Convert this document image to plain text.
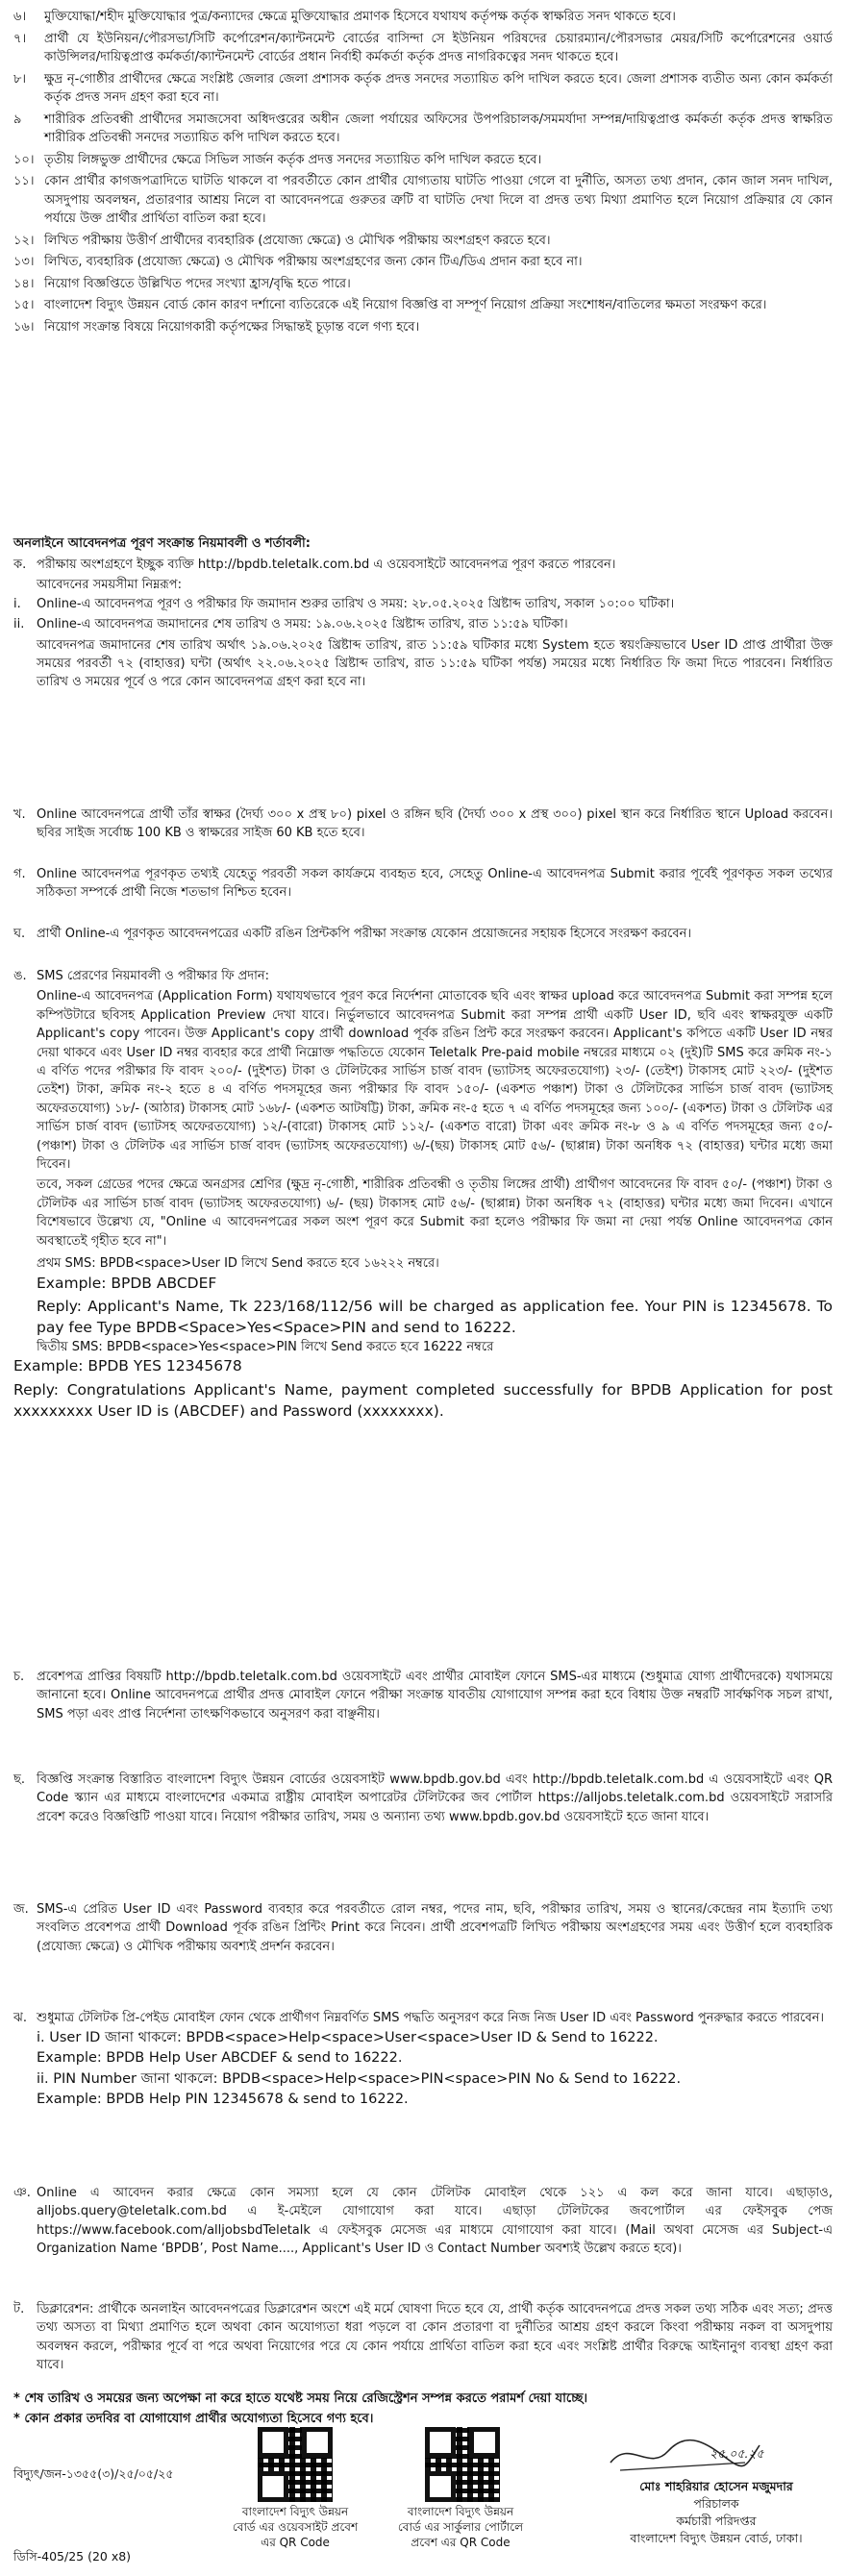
৬।	মুক্তিযোদ্ধা/শহীদ মুক্তিযোদ্ধার পুত্র/কন্যাদের ক্ষেত্রে মুক্তিযোদ্ধার প্রমাণক হিসেবে যথাযথ কর্তৃপক্ষ কর্তৃক স্বাক্ষরিত সনদ থাকতে হবে।
৭।	প্রার্থী যে ইউনিয়ন/পৌরসভা/সিটি কর্পোরেশন/ক্যান্টনমেন্ট বোর্ডের বাসিন্দা সে ইউনিয়ন পরিষদের চেয়ারম্যান/পৌরসভার মেয়র/সিটি কর্পোরেশনের ওয়ার্ড কাউন্সিলর/দায়িত্বপ্রাপ্ত কর্মকর্তা/ক্যান্টনমেন্ট বোর্ডের প্রধান নির্বাহী কর্মকর্তা কর্তৃক প্রদত্ত নাগরিকত্বের সনদ থাকতে হবে।
৮।	ক্ষুদ্র নৃ-গোষ্ঠীর প্রার্থীদের ক্ষেত্রে সংশ্লিষ্ট জেলার জেলা প্রশাসক কর্তৃক প্রদত্ত সনদের সত্যায়িত কপি দাখিল করতে হবে। জেলা প্রশাসক ব্যতীত অন্য কোন কর্মকর্তা কর্তৃক প্রদত্ত সনদ গ্রহণ করা হবে না।
৯	শারীরিক প্রতিবন্ধী প্রার্থীদের সমাজসেবা অধিদপ্তরের অধীন জেলা পর্যায়ের অফিসের উপপরিচালক/সমমর্যাদা সম্পন্ন/দায়িত্বপ্রাপ্ত কর্মকর্তা কর্তৃক প্রদত্ত স্বাক্ষরিত শারীরিক প্রতিবন্ধী সনদের সত্যায়িত কপি দাখিল করতে হবে।
১০। তৃতীয় লিঙ্গভুক্ত প্রার্থীদের ক্ষেত্রে সিভিল সার্জন কর্তৃক প্রদত্ত সনদের সত্যায়িত কপি দাখিল করতে হবে।
১১। কোন প্রার্থীর কাগজপত্রাদিতে ঘাটতি থাকলে বা পরবর্তীতে কোন প্রার্থীর যোগ্যতায় ঘাটতি পাওয়া গেলে বা দুর্নীতি, অসত্য তথ্য প্রদান, কোন জাল সনদ দাখিল, অসদুপায় অবলম্বন, প্রতারণার আশ্রয় নিলে বা আবেদনপত্রে গুরুতর ত্রুটি বা ঘাটতি দেখা দিলে বা প্রদত্ত তথ্য মিথ্যা প্রমাণিত হলে নিয়োগ প্রক্রিয়ার যে কোন পর্যায়ে উক্ত প্রার্থীর প্রার্থিতা বাতিল করা হবে।
১২। লিখিত পরীক্ষায় উত্তীর্ণ প্রার্থীদের ব্যবহারিক (প্রযোজ্য ক্ষেত্রে) ও মৌখিক পরীক্ষায় অংশগ্রহণ করতে হবে।
১৩। লিখিত, ব্যবহারিক (প্রযোজ্য ক্ষেত্রে) ও মৌখিক পরীক্ষায় অংশগ্রহণের জন্য কোন টিএ/ডিএ প্রদান করা হবে না।
১৪। নিয়োগ বিজ্ঞপ্তিতে উল্লিখিত পদের সংখ্যা হ্রাস/বৃদ্ধি হতে পারে।
১৫। বাংলাদেশ বিদ্যুৎ উন্নয়ন বোর্ড কোন কারণ দর্শানো ব্যতিরেকে এই নিয়োগ বিজ্ঞপ্তি বা সম্পূর্ণ নিয়োগ প্রক্রিয়া সংশোধন/বাতিলের ক্ষমতা সংরক্ষণ করে।
১৬। নিয়োগ সংক্রান্ত বিষয়ে নিয়োগকারী কর্তৃপক্ষের সিদ্ধান্তই চূড়ান্ত বলে গণ্য হবে।
অনলাইনে আবেদনপত্র পূরণ সংক্রান্ত নিয়মাবলী ও শর্তাবলী:
ক. পরীক্ষায় অংশগ্রহণে ইচ্ছুক ব্যক্তি http://bpdb.teletalk.com.bd এ ওয়েবসাইটে আবেদনপত্র পূরণ করতে পারবেন।
আবেদনের সময়সীমা নিম্নরূপ:
i.	Online-এ আবেদনপত্র পূরণ ও পরীক্ষার ফি জমাদান শুরুর তারিখ ও সময়: ২৮.০৫.২০২৫ খ্রিষ্টাব্দ তারিখ, সকাল ১০:০০ ঘটিকা।
ii. Online-এ আবেদনপত্র জমাদানের শেষ তারিখ ও সময়: ১৯.০৬.২০২৫ খ্রিষ্টাব্দ তারিখ, রাত ১১:৫৯ ঘটিকা।
আবেদনপত্র জমাদানের শেষ তারিখ অর্থাৎ ১৯.০৬.২০২৫ খ্রিষ্টাব্দ তারিখ, রাত ১১:৫৯ ঘটিকার মধ্যে System হতে স্বয়ংক্রিয়ভাবে User ID প্রাপ্ত প্রার্থীরা উক্ত সময়ের পরবর্তী ৭২ (বাহাত্তর) ঘন্টা (অর্থাৎ ২২.০৬.২০২৫ খ্রিষ্টাব্দ তারিখ, রাত ১১:৫৯ ঘটিকা পর্যন্ত) সময়ের মধ্যে নির্ধারিত ফি জমা দিতে পারবেন। নির্ধারিত তারিখ ও সময়ের পূর্বে ও পরে কোন আবেদনপত্র গ্রহণ করা হবে না।
খ. Online আবেদনপত্রে প্রার্থী তাঁর স্বাক্ষর (দৈর্ঘ্য ৩০০ x প্রস্থ ৮০) pixel ও রঙ্গিন ছবি (দৈর্ঘ্য ৩০০ x প্রস্থ ৩০০) pixel স্থান করে নির্ধারিত স্থানে Upload করবেন। ছবির সাইজ সর্বোচ্চ 100 KB ও স্বাক্ষরের সাইজ 60 KB হতে হবে।
গ. Online আবেদনপত্র পূরণকৃত তথ্যই যেহেতু পরবর্তী সকল কার্যক্রমে ব্যবহৃত হবে, সেহেতু Online-এ আবেদনপত্র Submit করার পূর্বেই পূরণকৃত সকল তথ্যের সঠিকতা সম্পর্কে প্রার্থী নিজে শতভাগ নিশ্চিত হবেন।
ঘ. প্রার্থী Online-এ পূরণকৃত আবেদনপত্রের একটি রঙিন প্রিন্টকপি পরীক্ষা সংক্রান্ত যেকোন প্রয়োজনের সহায়ক হিসেবে সংরক্ষণ করবেন।
ঙ. SMS প্রেরণের নিয়মাবলী ও পরীক্ষার ফি প্রদান:
Online-এ আবেদনপত্র (Application Form) যথাযথভাবে পূরণ করে নির্দেশনা মোতাবেক ছবি এবং স্বাক্ষর upload করে আবেদনপত্র Submit করা সম্পন্ন হলে কম্পিউটারে ছবিসহ Application Preview দেখা যাবে। নির্ভুলভাবে আবেদনপত্র Submit করা সম্পন্ন প্রার্থী একটি User ID, ছবি এবং স্বাক্ষরযুক্ত একটি Applicant's copy পাবেন। উক্ত Applicant's copy প্রার্থী download পূর্বক রঙিন প্রিন্ট করে সংরক্ষণ করবেন। Applicant's কপিতে একটি User ID নম্বর দেয়া থাকবে এবং User ID নম্বর ব্যবহার করে প্রার্থী নিম্নোক্ত পদ্ধতিতে যেকোন Teletalk Pre-paid mobile নম্বরের মাধ্যমে ০২ (দুই)টি SMS করে ক্রমিক নং-১ এ বর্ণিত পদের পরীক্ষার ফি বাবদ ২০০/- (দুইশত) টাকা ও টেলিটকের সার্ভিস চার্জ বাবদ (ভ্যাটসহ অফেরতযোগ্য) ২৩/- (তেইশ) টাকাসহ মোট ২২৩/- (দুইশত তেইশ) টাকা, ক্রমিক নং-২ হতে ৪ এ বর্ণিত পদসমূহের জন্য পরীক্ষার ফি বাবদ ১৫০/- (একশত পঞ্চাশ) টাকা ও টেলিটকের সার্ভিস চার্জ বাবদ (ভ্যাটসহ অফেরতযোগ্য) ১৮/- (আঠার) টাকাসহ মোট ১৬৮/- (একশত আটষট্টি) টাকা, ক্রমিক নং-৫ হতে ৭ এ বর্ণিত পদসমূহের জন্য ১০০/- (একশত) টাকা ও টেলিটক এর সার্ভিস চার্জ বাবদ (ভ্যাটসহ অফেরতযোগ্য) ১২/-(বারো) টাকাসহ মোট ১১২/- (একশত বারো) টাকা এবং ক্রমিক নং-৮ ও ৯ এ বর্ণিত পদসমূহের জন্য ৫০/- (পঞ্চাশ) টাকা ও টেলিটক এর সার্ভিস চার্জ বাবদ (ভ্যাটসহ অফেরতযোগ্য) ৬/-(ছয়) টাকাসহ মোট ৫৬/- (ছাপ্পান্ন) টাকা অনধিক ৭২ (বাহাত্তর) ঘন্টার মধ্যে জমা দিবেন।
তবে, সকল গ্রেডের পদের ক্ষেত্রে অনগ্রসর শ্রেণির (ক্ষুদ্র নৃ-গোষ্ঠী, শারীরিক প্রতিবন্ধী ও তৃতীয় লিঙ্গের প্রার্থী) প্রার্থীগণ আবেদনের ফি বাবদ ৫০/- (পঞ্চাশ) টাকা ও টেলিটক এর সার্ভিস চার্জ বাবদ (ভ্যাটসহ অফেরতযোগ্য) ৬/- (ছয়) টাকাসহ মোট ৫৬/- (ছাপ্পান্ন) টাকা অনধিক ৭২ (বাহাত্তর) ঘন্টার মধ্যে জমা দিবেন। এখানে বিশেষভাবে উল্লেখ্য যে, "Online এ আবেদনপত্রের সকল অংশ পূরণ করে Submit করা হলেও পরীক্ষার ফি জমা না দেয়া পর্যন্ত Online আবেদনপত্র কোন অবস্থাতেই গৃহীত হবে না"।
প্রথম SMS: BPDB<space>User ID লিখে Send করতে হবে ১৬২২২ নম্বরে।
Example: BPDB ABCDEF
Reply: Applicant's Name, Tk 223/168/112/56 will be charged as application fee. Your PIN is 12345678. To pay fee Type BPDB<Space>Yes<Space>PIN and send to 16222.
দ্বিতীয় SMS: BPDB<space>Yes<space>PIN লিখে Send করতে হবে 16222 নম্বরে
Example: BPDB YES 12345678
Reply: Congratulations Applicant's Name, payment completed successfully for BPDB Application for post xxxxxxxxx User ID is (ABCDEF) and Password (xxxxxxxx).
চ. প্রবেশপত্র প্রাপ্তির বিষয়টি http://bpdb.teletalk.com.bd ওয়েবসাইটে এবং প্রার্থীর মোবাইল ফোনে SMS-এর মাধ্যমে (শুধুমাত্র যোগ্য প্রার্থীদেরকে) যথাসময়ে জানানো হবে। Online আবেদনপত্রে প্রার্থীর প্রদত্ত মোবাইল ফোনে পরীক্ষা সংক্রান্ত যাবতীয় যোগাযোগ সম্পন্ন করা হবে বিধায় উক্ত নম্বরটি সার্বক্ষণিক সচল রাখা, SMS পড়া এবং প্রাপ্ত নির্দেশনা তাৎক্ষণিকভাবে অনুসরণ করা বাঞ্ছনীয়।
ছ. বিজ্ঞপ্তি সংক্রান্ত বিস্তারিত বাংলাদেশ বিদ্যুৎ উন্নয়ন বোর্ডের ওয়েবসাইট www.bpdb.gov.bd এবং http://bpdb.teletalk.com.bd এ ওয়েবসাইটে এবং QR Code স্ক্যান এর মাধ্যমে বাংলাদেশের একমাত্র রাষ্ট্রীয় মোবাইল অপারেটর টেলিটকের জব পোর্টাল https://alljobs.teletalk.com.bd ওয়েবসাইটে সরাসরি প্রবেশ করেও বিজ্ঞপ্তিটি পাওয়া যাবে। নিয়োগ পরীক্ষার তারিখ, সময় ও অন্যান্য তথ্য www.bpdb.gov.bd ওয়েবসাইটে হতে জানা যাবে।
জ. SMS-এ প্রেরিত User ID এবং Password ব্যবহার করে পরবর্তীতে রোল নম্বর, পদের নাম, ছবি, পরীক্ষার তারিখ, সময় ও স্থানের/কেন্দ্রের নাম ইত্যাদি তথ্য সংবলিত প্রবেশপত্র প্রার্থী Download পূর্বক রঙিন প্রিন্টিং Print করে নিবেন। প্রার্থী প্রবেশপত্রটি লিখিত পরীক্ষায় অংশগ্রহণের সময় এবং উত্তীর্ণ হলে ব্যবহারিক (প্রযোজ্য ক্ষেত্রে) ও মৌখিক পরীক্ষায় অবশ্যই প্রদর্শন করবেন।
ঝ. শুধুমাত্র টেলিটক প্রি-পেইড মোবাইল ফোন থেকে প্রার্থীগণ নিম্নবর্ণিত SMS পদ্ধতি অনুসরণ করে নিজ নিজ User ID এবং Password পুনরুদ্ধার করতে পারবেন।
i. User ID জানা থাকলে: BPDB<space>Help<space>User<space>User ID & Send to 16222.
Example: BPDB Help User ABCDEF & send to 16222.
ii. PIN Number জানা থাকলে: BPDB<space>Help<space>PIN<space>PIN No & Send to 16222.
Example: BPDB Help PIN 12345678 & send to 16222.
ঞ. Online এ আবেদন করার ক্ষেত্রে কোন সমস্যা হলে যে কোন টেলিটক মোবাইল থেকে ১২১ এ কল করে জানা যাবে। এছাড়াও, alljobs.query@teletalk.com.bd এ ই-মেইলে যোগাযোগ করা যাবে। এছাড়া টেলিটকের জবপোর্টাল এর ফেইসবুক পেজ https://www.facebook.com/alljobsbdTeletalk এ ফেইসবুক মেসেজ এর মাধ্যমে যোগাযোগ করা যাবে। (Mail অথবা মেসেজ এর Subject-এ Organization Name ‘BPDB’, Post Name...., Applicant's User ID ও Contact Number অবশ্যই উল্লেখ করতে হবে)।
ট. ডিক্লারেশন: প্রার্থীকে অনলাইন আবেদনপত্রের ডিক্লারেশন অংশে এই মর্মে ঘোষণা দিতে হবে যে, প্রার্থী কর্তৃক আবেদনপত্রে প্রদত্ত সকল তথ্য সঠিক এবং সত্য; প্রদত্ত তথ্য অসত্য বা মিথ্যা প্রমাণিত হলে অথবা কোন অযোগ্যতা ধরা পড়লে বা কোন প্রতারণা বা দুর্নীতির আশ্রয় গ্রহণ করলে কিংবা পরীক্ষায় নকল বা অসদুপায় অবলম্বন করলে, পরীক্ষার পূর্বে বা পরে অথবা নিয়োগের পরে যে কোন পর্যায়ে প্রার্থিতা বাতিল করা হবে এবং সংশ্লিষ্ট প্রার্থীর বিরুদ্ধে আইনানুগ ব্যবস্থা গ্রহণ করা যাবে।
* শেষ তারিখ ও সময়ের জন্য অপেক্ষা না করে হাতে যথেষ্ট সময় নিয়ে রেজিস্ট্রেশন সম্পন্ন করতে পরামর্শ দেয়া যাচ্ছে।
* কোন প্রকার তদবির বা যোগাযোগ প্রার্থীর অযোগ্যতা হিসেবে গণ্য হবে।
বিদ্যুৎ/জন-১৩৫৫(৩)/২৫/০৫/২৫
বাংলাদেশ বিদ্যুৎ উন্নয়ন বোর্ড এর ওয়েবসাইট প্রবেশ এর QR Code
বাংলাদেশ বিদ্যুৎ উন্নয়ন বোর্ড এর সার্কুলার পোর্টালে প্রবেশ এর QR Code
২৫.০৫.২৫
মোঃ শাহরিয়ার হোসেন মজুমদার
পরিচালক
কর্মচারী পরিদপ্তর
বাংলাদেশ বিদ্যুৎ উন্নয়ন বোর্ড, ঢাকা।
ডিসি-405/25 (20 x8)
